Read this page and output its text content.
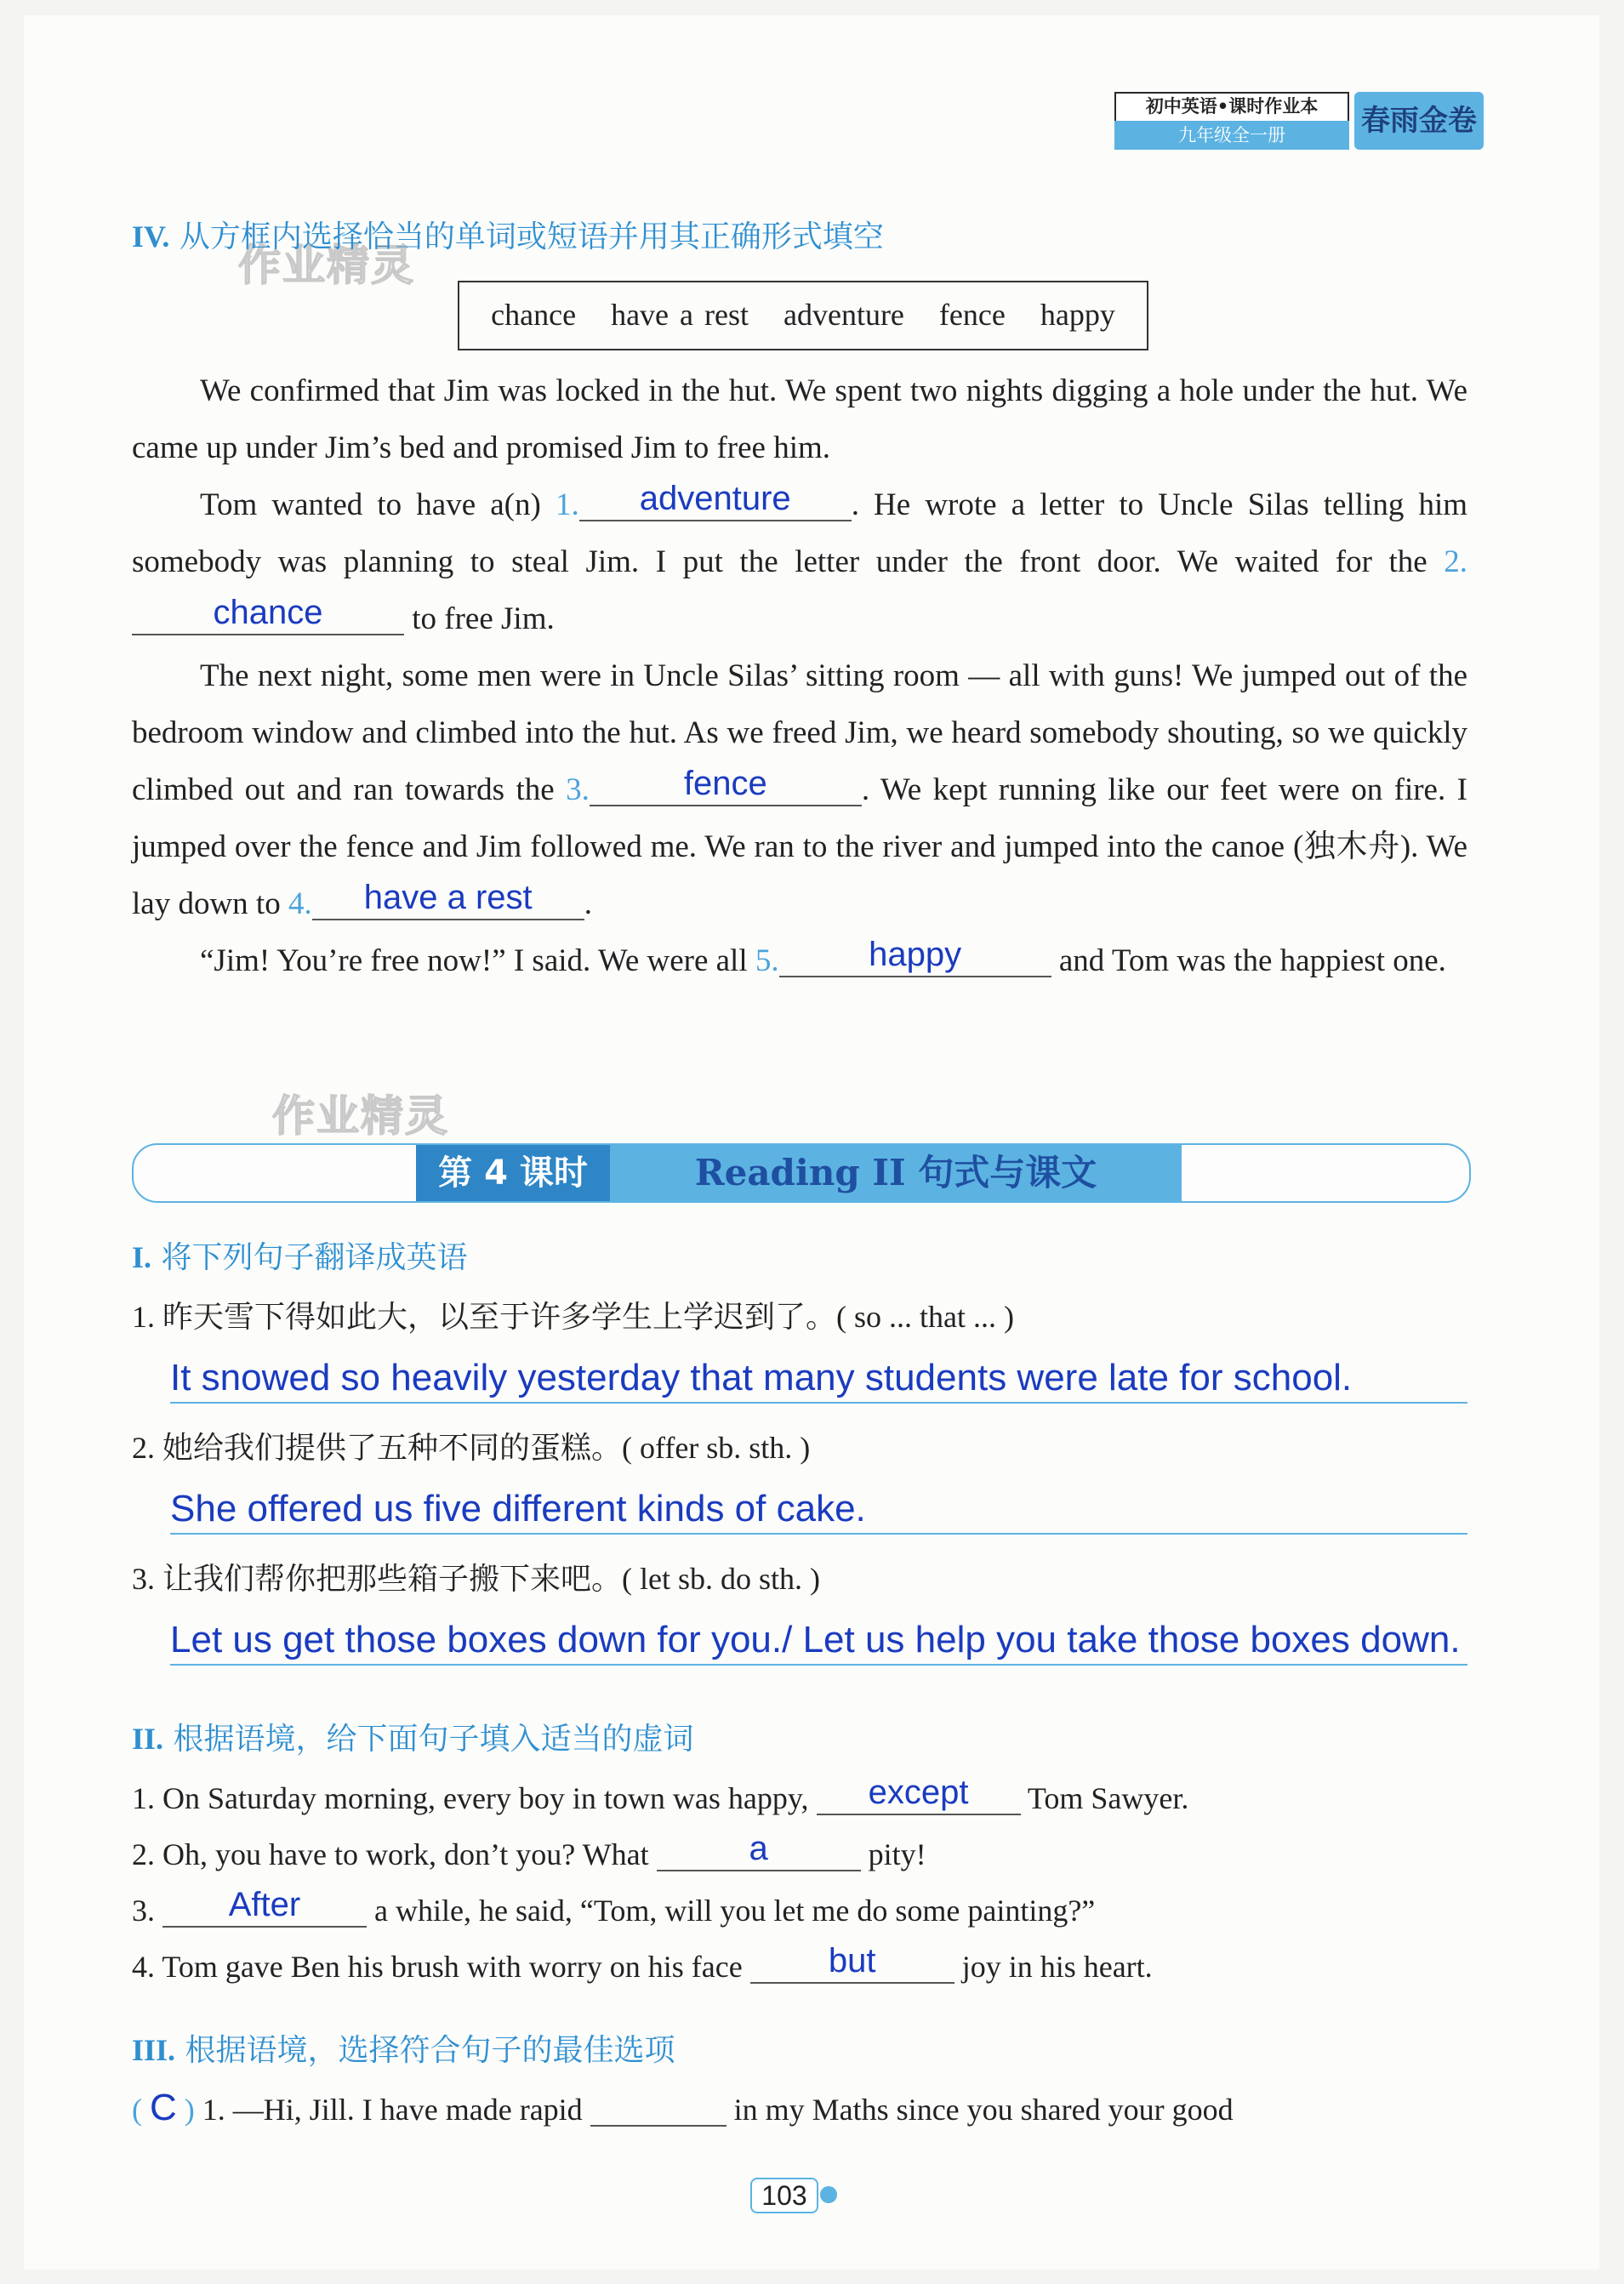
初中英语•课时作业本
九年级全一册	春雨金卷
作业精灵
作业精灵
IV. 从方框内选择恰当的单词或短语并用其正确形式填空
chance have a rest adventure fence happy

We confirmed that Jim was locked in the hut. We spent two nights digging a hole under the hut. We came up under Jim’s bed and promised Jim to free him.

Tom wanted to have a(n) 1.	adventure	. He wrote a letter to Uncle Silas telling him somebody was planning to steal Jim. I put the letter under the front door. We waited for the 2.
chance	to free Jim.

The next night, some men were in Uncle Silas’ sitting room — all with guns! We jumped out of the bedroom window and climbed into the hut. As we freed Jim, we heard somebody shouting, so we quickly climbed out and ran towards the 3.	fence	. We kept running like our feet were on fire. I jumped over the fence and Jim followed me. We ran to the river and jumped into the canoe (独木舟). We lay down to 4.	have a rest	.

“Jim! You’re free now!” I said. We were all 5.	happy	and Tom was the happiest one.

第 4 课时	Reading II 句式与课文
I. 将下列句子翻译成英语
1. 昨天雪下得如此大，以至于许多学生上学迟到了。( so ... that ... )
It snowed so heavily yesterday that many students were late for school.
2. 她给我们提供了五种不同的蛋糕。( offer sb. sth. )
She offered us five different kinds of cake.
3. 让我们帮你把那些箱子搬下来吧。( let sb. do sth. )
Let us get those boxes down for you./ Let us help you take those boxes down.
II. 根据语境，给下面句子填入适当的虚词
1. On Saturday morning, every boy in town was happy,	except	Tom Sawyer.
2. Oh, you have to work, don’t you? What	a	pity!
3.	After	a while, he said, “Tom, will you let me do some painting?”
4. Tom gave Ben his brush with worry on his face	but	joy in his heart.
III. 根据语境，选择符合句子的最佳选项
( C ) 1. —Hi, Jill. I have made rapid	in my Maths since you shared your good
103
